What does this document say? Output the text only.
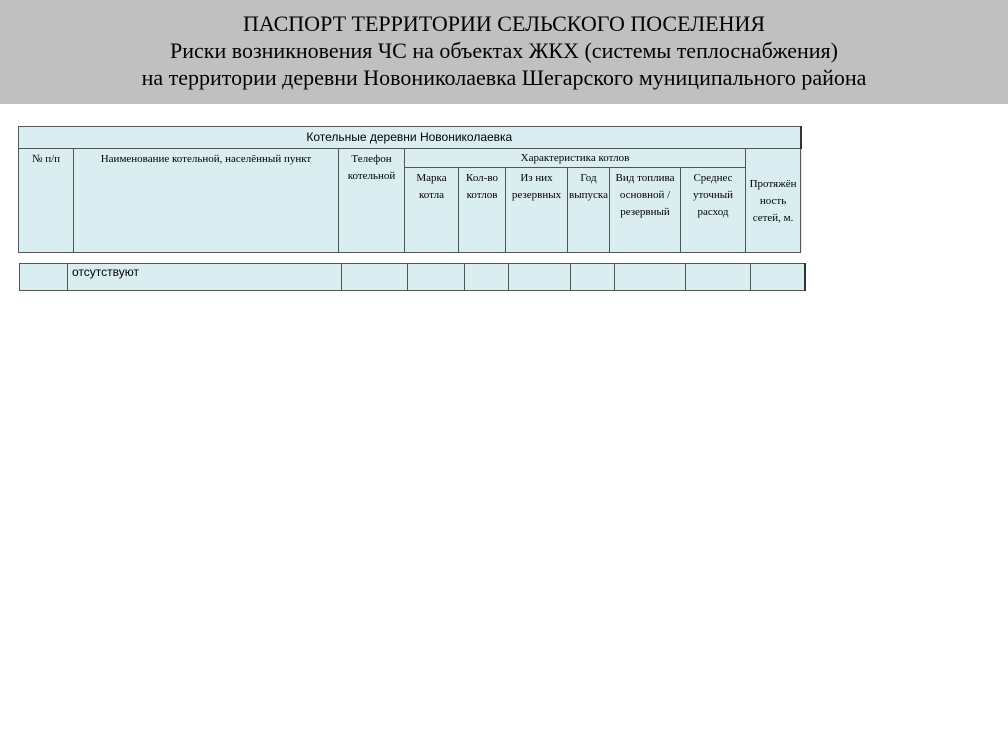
ПАСПОРТ ТЕРРИТОРИИ СЕЛЬСКОГО ПОСЕЛЕНИЯ
Риски возникновения ЧС на объектах ЖКХ (системы теплоснабжения)
на территории деревни Новониколаевка Шегарского муниципального района
Котельные деревни Новониколаевка									
№ п/п	Наименование котельной, населённый пункт	Телефон котельной	Характеристика котлов						Протяжённость сетей, м.
			Марка котла	Кол-во котлов	Из них резервных	Год выпуска	Вид топлива основной /резервный	Среднес уточный расход	
	отсутствуют								
